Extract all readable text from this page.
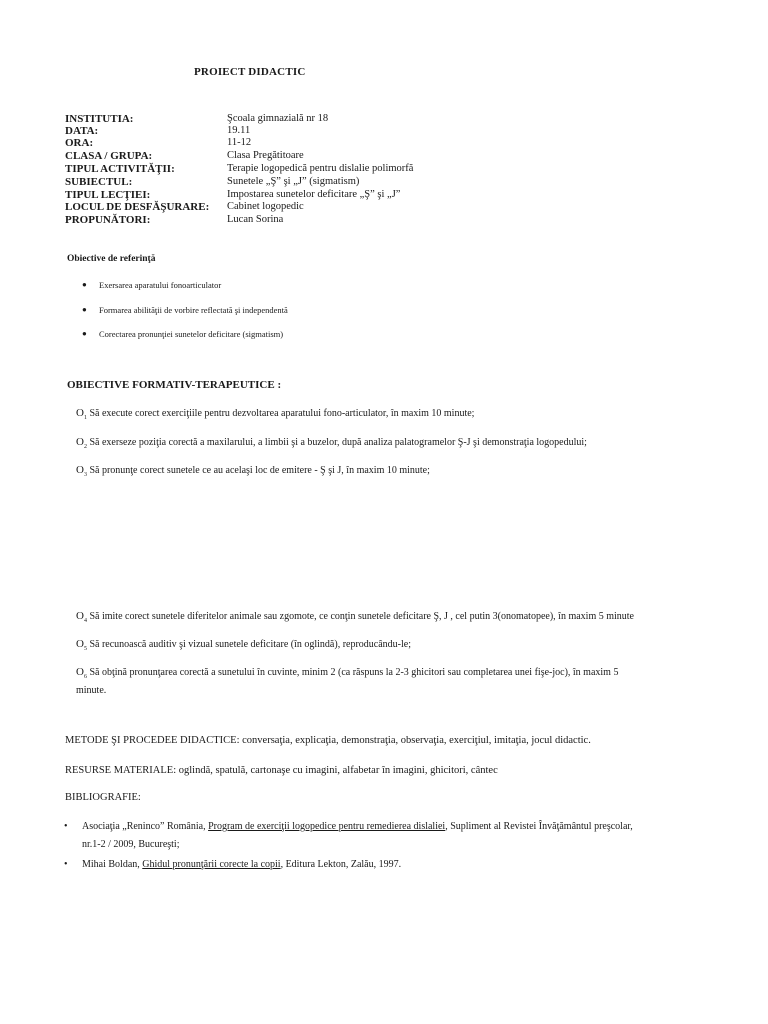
PROIECT DIDACTIC
INSTITUTIA:	Şcoala gimnazială nr 18
DATA:	19.11
ORA:	11-12
CLASA / GRUPA:	Clasa Pregătitoare
TIPUL ACTIVITĂŢII:	Terapie logopedică pentru dislalie polimorfă
SUBIECTUL:	Sunetele „Ş” şi „J” (sigmatism)
TIPUL LECŢIEI:	Impostarea sunetelor deficitare „Ş” şi „J”
LOCUL DE DESFĂŞURARE: Cabinet logopedic
PROPUNĂTORI:	Lucan Sorina
Obiective de referinţă
● Exersarea aparatului fonoarticulator
● Formarea abilităţii de vorbire reflectată şi independentă
● Corectarea pronunţiei sunetelor deficitare (sigmatism)
OBIECTIVE FORMATIV-TERAPEUTICE :
$O_1$ Să execute corect exerciţiile pentru dezvoltarea aparatului fono-articulator, în maxim 10 minute;
$O_2$ Să exerseze poziţia corectă a maxilarului, a limbii şi a buzelor, după analiza palatogramelor Ş-J şi demonstraţia logopedului;
$O_3$ Să pronunţe corect sunetele ce au acelaşi loc de emitere - Ş şi J, în maxim 10 minute;
$O_4$ Să imite corect sunetele diferitelor animale sau zgomote, ce conţin sunetele deficitare Ş, J , cel putin 3(onomatopee), în maxim 5 minute
$O_5$ Să recunoască auditiv şi vizual sunetele deficitare (în oglindă), reproducându-le;
$O_6$ Să obţină pronunţarea corectă a sunetului în cuvinte, minim 2 (ca răspuns la 2-3 ghicitori sau completarea unei fişe-joc), în maxim 5
minute.
METODE ŞI PROCEDEE DIDACTICE: conversaţia, explicaţia, demonstraţia, observaţia, exerciţiul, imitaţia, jocul didactic.
RESURSE MATERIALE: oglindă, spatulă, cartonaşe cu imagini, alfabetar în imagini, ghicitori, cântec
BIBLIOGRAFIE:
• Asociaţia „Reninco” România, Program de exerciţii logopedice pentru remedierea dislaliei, Supliment al Revistei Învăţământul preşcolar,
nr.1-2 / 2009, Bucureşti;
• Mihai Boldan, Ghidul pronunţării corecte la copii, Editura Lekton, Zalău, 1997.
